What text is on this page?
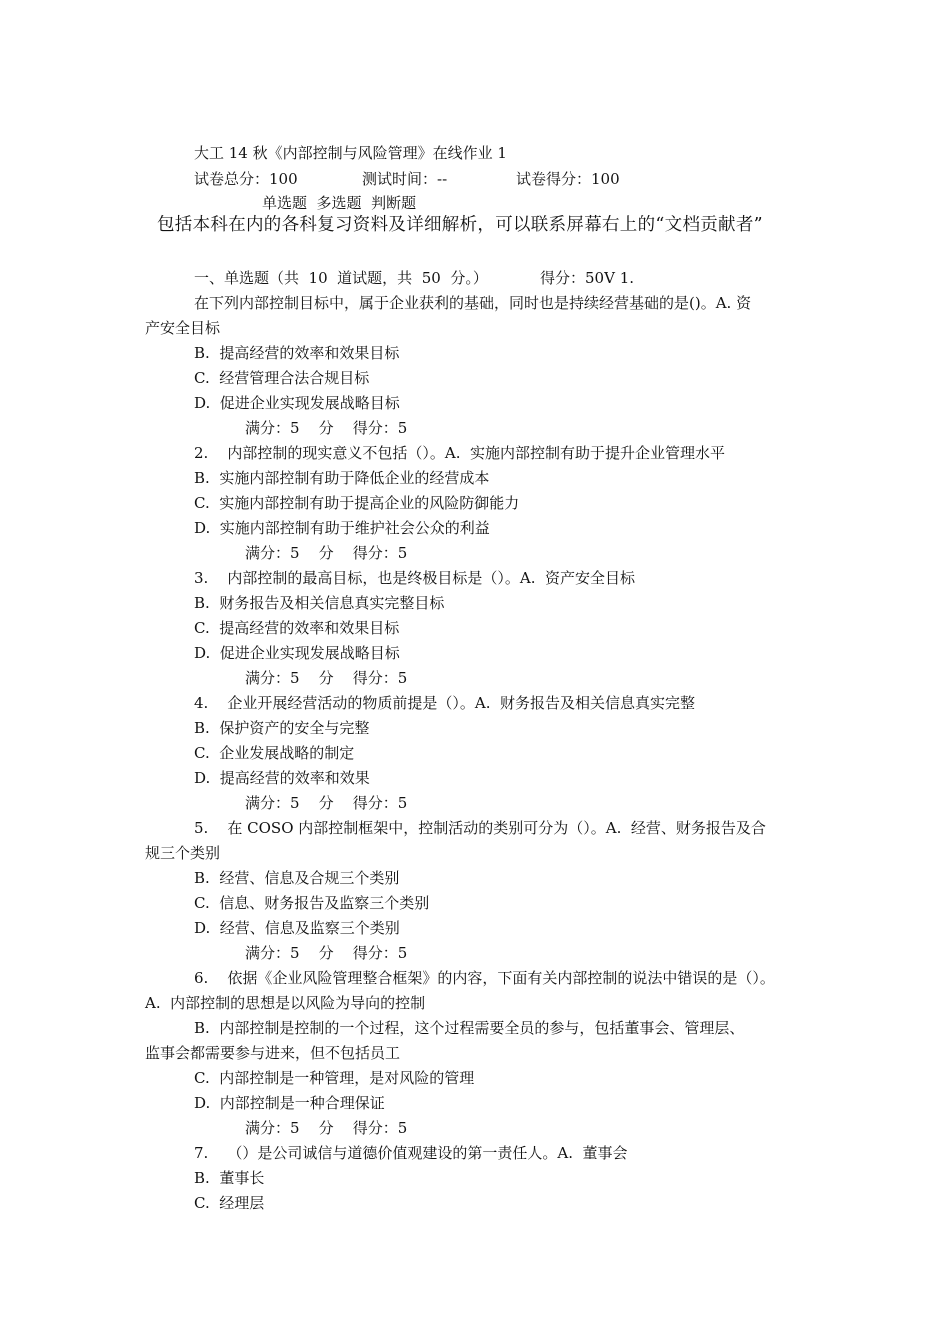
大工 14 秋《内部控制与风险管理》在线作业 1
试卷总分：100	测试时间：--	试卷得分：100
单选题  多选题  判断题
包括本科在内的各科复习资料及详细解析，可以联系屏幕右上的“文档贡献者”
一、单选题（共  10  道试题，共  50  分。）	得分：50V 1.
在下列内部控制目标中，属于企业获利的基础，同时也是持续经营基础的是()。A. 资
产安全目标
B.  提高经营的效率和效果目标
C.  经营管理合法合规目标
D.  促进企业实现发展战略目标
满分：5    分    得分：5
2.    内部控制的现实意义不包括（）。A.  实施内部控制有助于提升企业管理水平
B.  实施内部控制有助于降低企业的经营成本
C.  实施内部控制有助于提高企业的风险防御能力
D.  实施内部控制有助于维护社会公众的利益
满分：5    分    得分：5
3.    内部控制的最高目标，也是终极目标是（）。A.  资产安全目标
B.  财务报告及相关信息真实完整目标
C.  提高经营的效率和效果目标
D.  促进企业实现发展战略目标
满分：5    分    得分：5
4.    企业开展经营活动的物质前提是（）。A.  财务报告及相关信息真实完整
B.  保护资产的安全与完整
C.  企业发展战略的制定
D.  提高经营的效率和效果
满分：5    分    得分：5
5.    在 COSO 内部控制框架中，控制活动的类别可分为（）。A.  经营、财务报告及合
规三个类别
B.  经营、信息及合规三个类别
C.  信息、财务报告及监察三个类别
D.  经营、信息及监察三个类别
满分：5    分    得分：5
6.    依据《企业风险管理整合框架》的内容，下面有关内部控制的说法中错误的是（）。
A.  内部控制的思想是以风险为导向的控制
B.  内部控制是控制的一个过程，这个过程需要全员的参与，包括董事会、管理层、
监事会都需要参与进来，但不包括员工
C.  内部控制是一种管理，是对风险的管理
D.  内部控制是一种合理保证
满分：5    分    得分：5
7.    （）是公司诚信与道德价值观建设的第一责任人。A.  董事会
B.  董事长
C.  经理层
